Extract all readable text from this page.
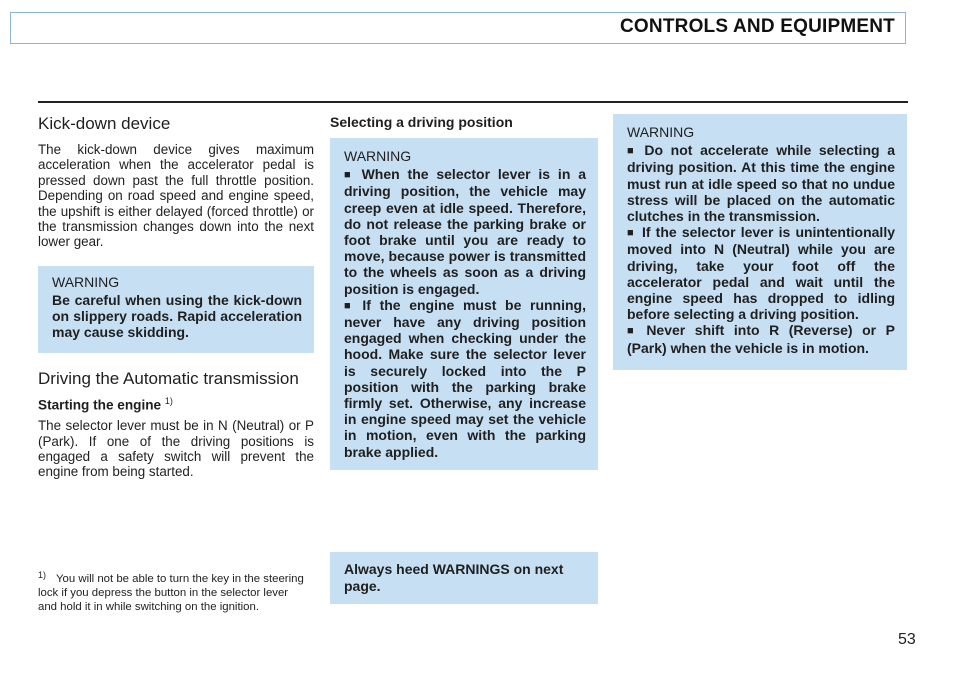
CONTROLS AND EQUIPMENT
Kick-down device

The kick-down device gives maximum acceleration when the accelerator pedal is pressed down past the full throttle position. Depending on road speed and engine speed, the upshift is either delayed (forced throttle) or the transmission changes down into the next lower gear.

WARNING

Be careful when using the kick-down on slippery roads. Rapid acceleration may cause skidding.

Driving the Automatic transmission
Starting the engine $^{1)}$

The selector lever must be in N (Neutral) or P (Park). If one of the driving positions is engaged a safety switch will prevent the engine from being started.

$^{1)}$ You will not be able to turn the key in the steering lock if you depress the button in the selector lever and hold it in while switching on the ignition.
Selecting a driving position
WARNING

■ When the selector lever is in a driving position, the vehicle may creep even at idle speed. Therefore, do not release the parking brake or foot brake until you are ready to move, because power is transmitted to the wheels as soon as a driving position is engaged.

■ If the engine must be running, never have any driving position engaged when checking under the hood. Make sure the selector lever is securely locked into the P position with the parking brake firmly set. Otherwise, any increase in engine speed may set the vehicle in motion, even with the parking brake applied.

Always heed WARNINGS on next page.
WARNING

■ Do not accelerate while selecting a driving position. At this time the engine must run at idle speed so that no undue stress will be placed on the automatic clutches in the transmission.

■ If the selector lever is unintentionally moved into N (Neutral) while you are driving, take your foot off the accelerator pedal and wait until the engine speed has dropped to idling before selecting a driving position.

■ Never shift into R (Reverse) or P (Park) when the vehicle is in motion.

53
